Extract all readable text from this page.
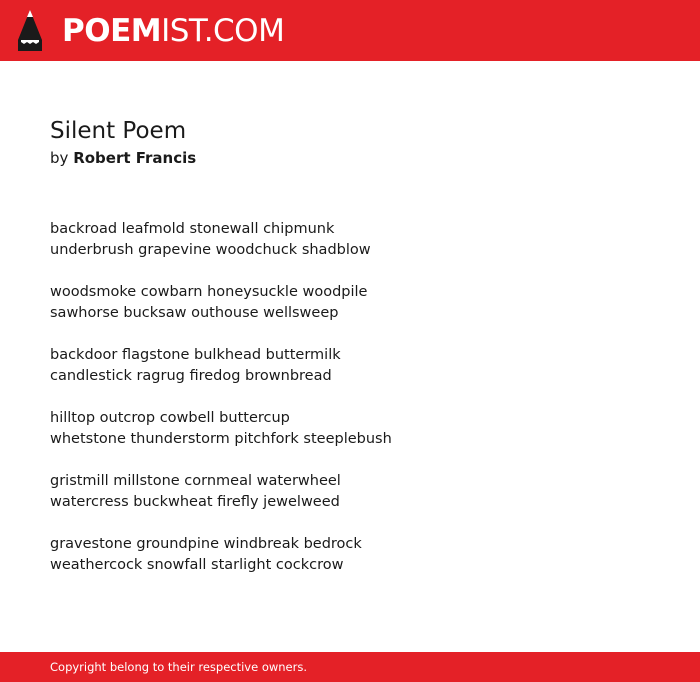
POEMIST.COM
Silent Poem

by Robert Francis

backroad leafmold stonewall chipmunk
underbrush grapevine woodchuck shadblow
woodsmoke cowbarn honeysuckle woodpile
sawhorse bucksaw outhouse wellsweep
backdoor flagstone bulkhead buttermilk
candlestick ragrug firedog brownbread
hilltop outcrop cowbell buttercup
whetstone thunderstorm pitchfork steeplebush
gristmill millstone cornmeal waterwheel
watercress buckwheat firefly jewelweed
gravestone groundpine windbreak bedrock
weathercock snowfall starlight cockcrow
Copyright belong to their respective owners.
